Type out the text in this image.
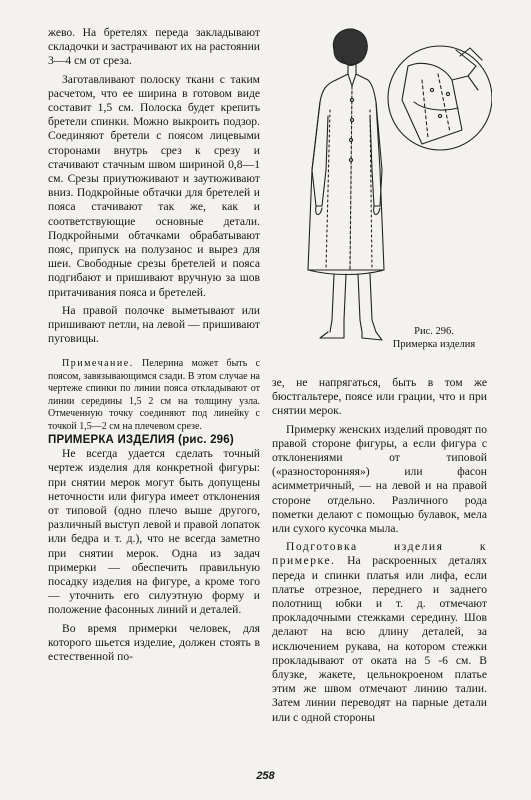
жево. На бретелях переда закладывают складочки и застрачивают их на растоянии 3—4 см от среза.

Заготавливают полоску ткани с таким расчетом, что ее ширина в готовом виде составит 1,5 см. Полоска будет крепить бретели спинки. Можно выкроить подзор. Соединяют бретели с поясом лицевыми сторонами внутрь срез к срезу и стачивают стачным швом шириной 0,8—1 см. Срезы приутюживают и заутюживают вниз. Подкройные обтачки для бретелей и пояса стачивают так же, как и соответствующие основные детали. Подкройными обтачками обрабатывают пояс, припуск на полузанос и вырез для шеи. Свободные срезы бретелей и пояса подгибают и пришивают вручную за шов притачивания пояса и бретелей.

На правой полочке выметывают или пришивают петли, на левой — пришивают пуговицы.

Примечание. Пелерина может быть с поясом, завязывающимся сзади. В этом случае на чертеже спинки по линии пояса откладывают от линии середины 1,5 2 см на толщину узла. Отмеченную точку соединяют под линейку с точкой 1,5—2 см на плечевом срезе.

ПРИМЕРКА ИЗДЕЛИЯ (рис. 296)

Не всегда удается сделать точный чертеж изделия для конкретной фигуры: при снятии мерок могут быть допущены неточности или фигура имеет отклонения от типовой (одно плечо выше другого, различный выступ левой и правой лопаток или бедра и т. д.), что не всегда заметно при снятии мерок. Одна из задач примерки — обеспечить правильную посадку изделия на фигуре, а кроме того — уточнить его силуэтную форму и положение фасонных линий и деталей.

Во время примерки человек, для которого шьется изделие, должен стоять в естественной по-

Рис. 296.
Примерка изделия

зе, не напрягаться, быть в том же бюстгальтере, поясе или грации, что и при снятии мерок.

Примерку женских изделий проводят по правой стороне фигуры, а если фигура с отклонениями от типовой («разносторонняя») или фасон асимметричный, — на левой и на правой стороне отдельно. Различного рода пометки делают с помощью булавок, мела или сухого кусочка мыла.

Подготовка изделия к примерке. На раскроенных деталях переда и спинки платья или лифа, если платье отрезное, переднего и заднего полотнищ юбки и т. д. отмечают прокладочными стежками середину. Шов делают на всю длину деталей, за исключением рукава, на котором стежки прокладывают от оката на 5 -6 см. В блузке, жакете, цельнокроеном платье этим же швом отмечают линию талии. Затем линии переводят на парные детали или с одной стороны

258
